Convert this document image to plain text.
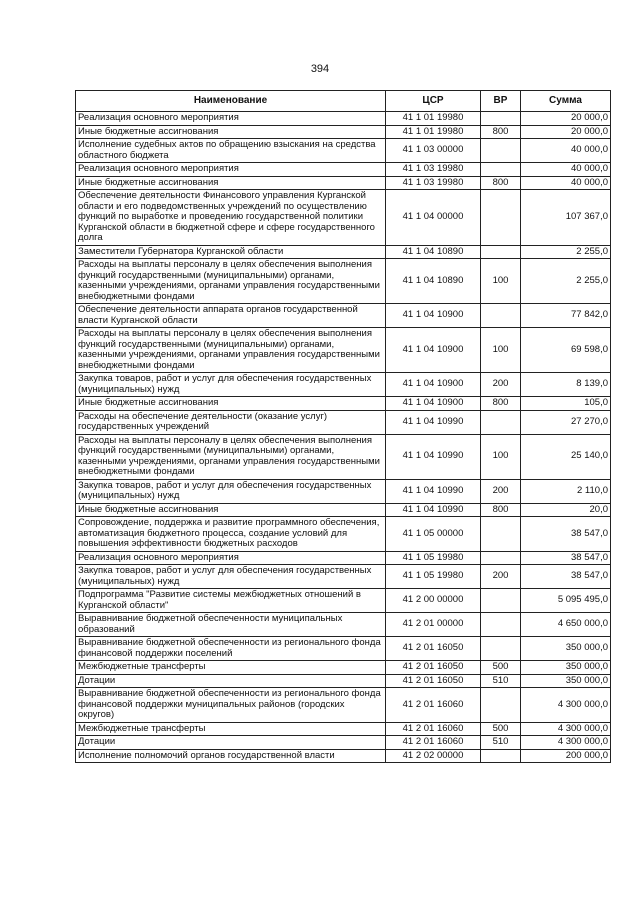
394
Наименование	ЦСР	ВР	Сумма
Реализация основного мероприятия	41 1 01 19980		20 000,0
Иные бюджетные ассигнования	41 1 01 19980	800	20 000,0
Исполнение судебных актов по обращению взыскания на средства областного бюджета	41 1 03 00000		40 000,0
Реализация основного мероприятия	41 1 03 19980		40 000,0
Иные бюджетные ассигнования	41 1 03 19980	800	40 000,0
Обеспечение деятельности Финансового управления Курганской области и его подведомственных учреждений по осуществлению функций по выработке и проведению государственной политики Курганской области в бюджетной сфере и сфере государственного долга	41 1 04 00000		107 367,0
Заместители Губернатора Курганской области	41 1 04 10890		2 255,0
Расходы на выплаты персоналу в целях обеспечения выполнения функций государственными (муниципальными) органами, казенными учреждениями, органами управления государственными внебюджетными фондами	41 1 04 10890	100	2 255,0
Обеспечение деятельности аппарата органов государственной власти Курганской области	41 1 04 10900		77 842,0
Расходы на выплаты персоналу в целях обеспечения выполнения функций государственными (муниципальными) органами, казенными учреждениями, органами управления государственными внебюджетными фондами	41 1 04 10900	100	69 598,0
Закупка товаров, работ и услуг для обеспечения государственных (муниципальных) нужд	41 1 04 10900	200	8 139,0
Иные бюджетные ассигнования	41 1 04 10900	800	105,0
Расходы на обеспечение деятельности (оказание услуг) государственных учреждений	41 1 04 10990		27 270,0
Расходы на выплаты персоналу в целях обеспечения выполнения функций государственными (муниципальными) органами, казенными учреждениями, органами управления государственными внебюджетными фондами	41 1 04 10990	100	25 140,0
Закупка товаров, работ и услуг для обеспечения государственных (муниципальных) нужд	41 1 04 10990	200	2 110,0
Иные бюджетные ассигнования	41 1 04 10990	800	20,0
Сопровождение, поддержка и развитие программного обеспечения, автоматизация бюджетного процесса, создание условий для повышения эффективности бюджетных расходов	41 1 05 00000		38 547,0
Реализация основного мероприятия	41 1 05 19980		38 547,0
Закупка товаров, работ и услуг для обеспечения государственных (муниципальных) нужд	41 1 05 19980	200	38 547,0
Подпрограмма "Развитие системы межбюджетных отношений в Курганской области"	41 2 00 00000		5 095 495,0
Выравнивание бюджетной обеспеченности муниципальных образований	41 2 01 00000		4 650 000,0
Выравнивание бюджетной обеспеченности из регионального фонда финансовой поддержки поселений	41 2 01 16050		350 000,0
Межбюджетные трансферты	41 2 01 16050	500	350 000,0
Дотации	41 2 01 16050	510	350 000,0
Выравнивание бюджетной обеспеченности из регионального фонда финансовой поддержки муниципальных районов (городских округов)	41 2 01 16060		4 300 000,0
Межбюджетные трансферты	41 2 01 16060	500	4 300 000,0
Дотации	41 2 01 16060	510	4 300 000,0
Исполнение полномочий органов государственной власти	41 2 02 00000		200 000,0
